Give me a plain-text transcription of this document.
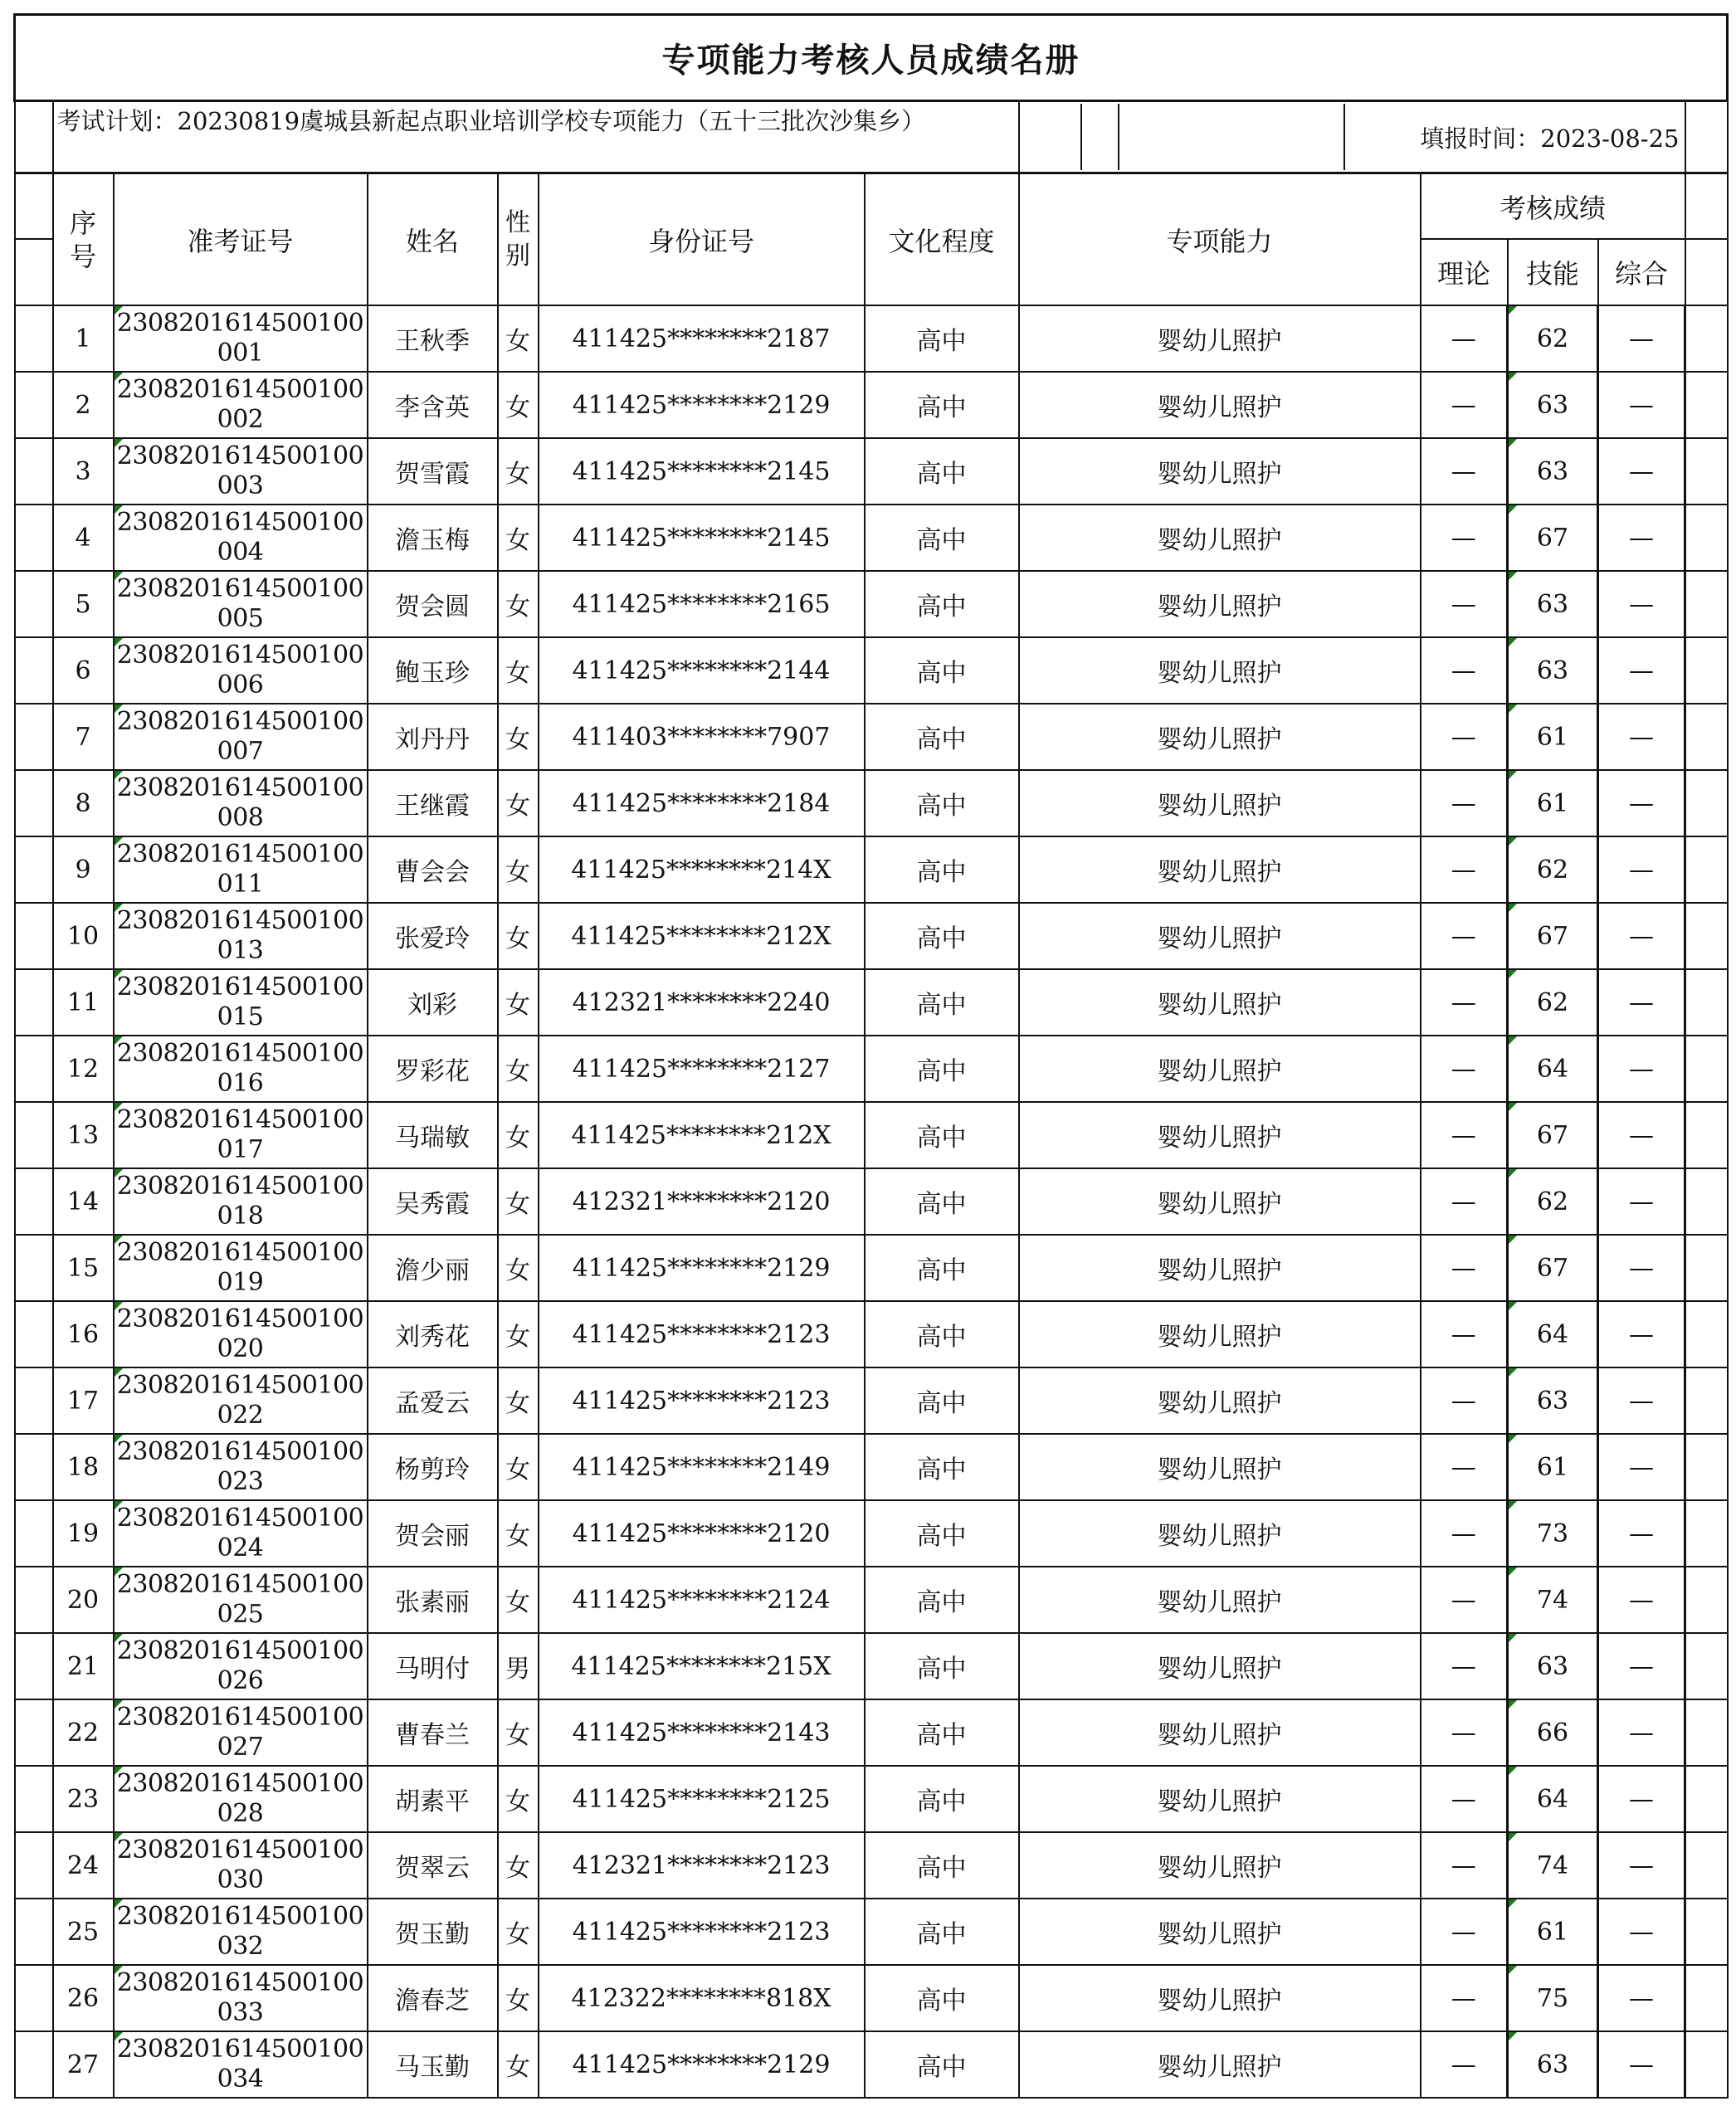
专项能力考核人员成绩名册											
	考试计划：20230819虞城县新起点职业培训学校专项能力（五十三批次沙集乡）						填报时间：2023-08-25				

	序号	准考证号	姓名	性别	身份证号	文化程度	专项能力	考核成绩			
								理论	技能	综合	
	1	2308201614500100001	王秋季	女	411425********2187	高中	婴幼儿照护	—	62	—	
	2	2308201614500100002	李含英	女	411425********2129	高中	婴幼儿照护	—	63	—	
	3	2308201614500100003	贺雪霞	女	411425********2145	高中	婴幼儿照护	—	63	—	
	4	2308201614500100004	澹玉梅	女	411425********2145	高中	婴幼儿照护	—	67	—	
	5	2308201614500100005	贺会圆	女	411425********2165	高中	婴幼儿照护	—	63	—	
	6	2308201614500100006	鲍玉珍	女	411425********2144	高中	婴幼儿照护	—	63	—	
	7	2308201614500100007	刘丹丹	女	411403********7907	高中	婴幼儿照护	—	61	—	
	8	2308201614500100008	王继霞	女	411425********2184	高中	婴幼儿照护	—	61	—	
	9	2308201614500100011	曹会会	女	411425********214X	高中	婴幼儿照护	—	62	—	
	10	2308201614500100013	张爱玲	女	411425********212X	高中	婴幼儿照护	—	67	—	
	11	2308201614500100015	刘彩	女	412321********2240	高中	婴幼儿照护	—	62	—	
	12	2308201614500100016	罗彩花	女	411425********2127	高中	婴幼儿照护	—	64	—	
	13	2308201614500100017	马瑞敏	女	411425********212X	高中	婴幼儿照护	—	67	—	
	14	2308201614500100018	吴秀霞	女	412321********2120	高中	婴幼儿照护	—	62	—	
	15	2308201614500100019	澹少丽	女	411425********2129	高中	婴幼儿照护	—	67	—	
	16	2308201614500100020	刘秀花	女	411425********2123	高中	婴幼儿照护	—	64	—	
	17	2308201614500100022	孟爱云	女	411425********2123	高中	婴幼儿照护	—	63	—	
	18	2308201614500100023	杨剪玲	女	411425********2149	高中	婴幼儿照护	—	61	—	
	19	2308201614500100024	贺会丽	女	411425********2120	高中	婴幼儿照护	—	73	—	
	20	2308201614500100025	张素丽	女	411425********2124	高中	婴幼儿照护	—	74	—	
	21	2308201614500100026	马明付	男	411425********215X	高中	婴幼儿照护	—	63	—	
	22	2308201614500100027	曹春兰	女	411425********2143	高中	婴幼儿照护	—	66	—	
	23	2308201614500100028	胡素平	女	411425********2125	高中	婴幼儿照护	—	64	—	
	24	2308201614500100030	贺翠云	女	412321********2123	高中	婴幼儿照护	—	74	—	
	25	2308201614500100032	贺玉勤	女	411425********2123	高中	婴幼儿照护	—	61	—	
	26	2308201614500100033	澹春芝	女	412322********818X	高中	婴幼儿照护	—	75	—	
	27	2308201614500100034	马玉勤	女	411425********2129	高中	婴幼儿照护	—	63	—	
